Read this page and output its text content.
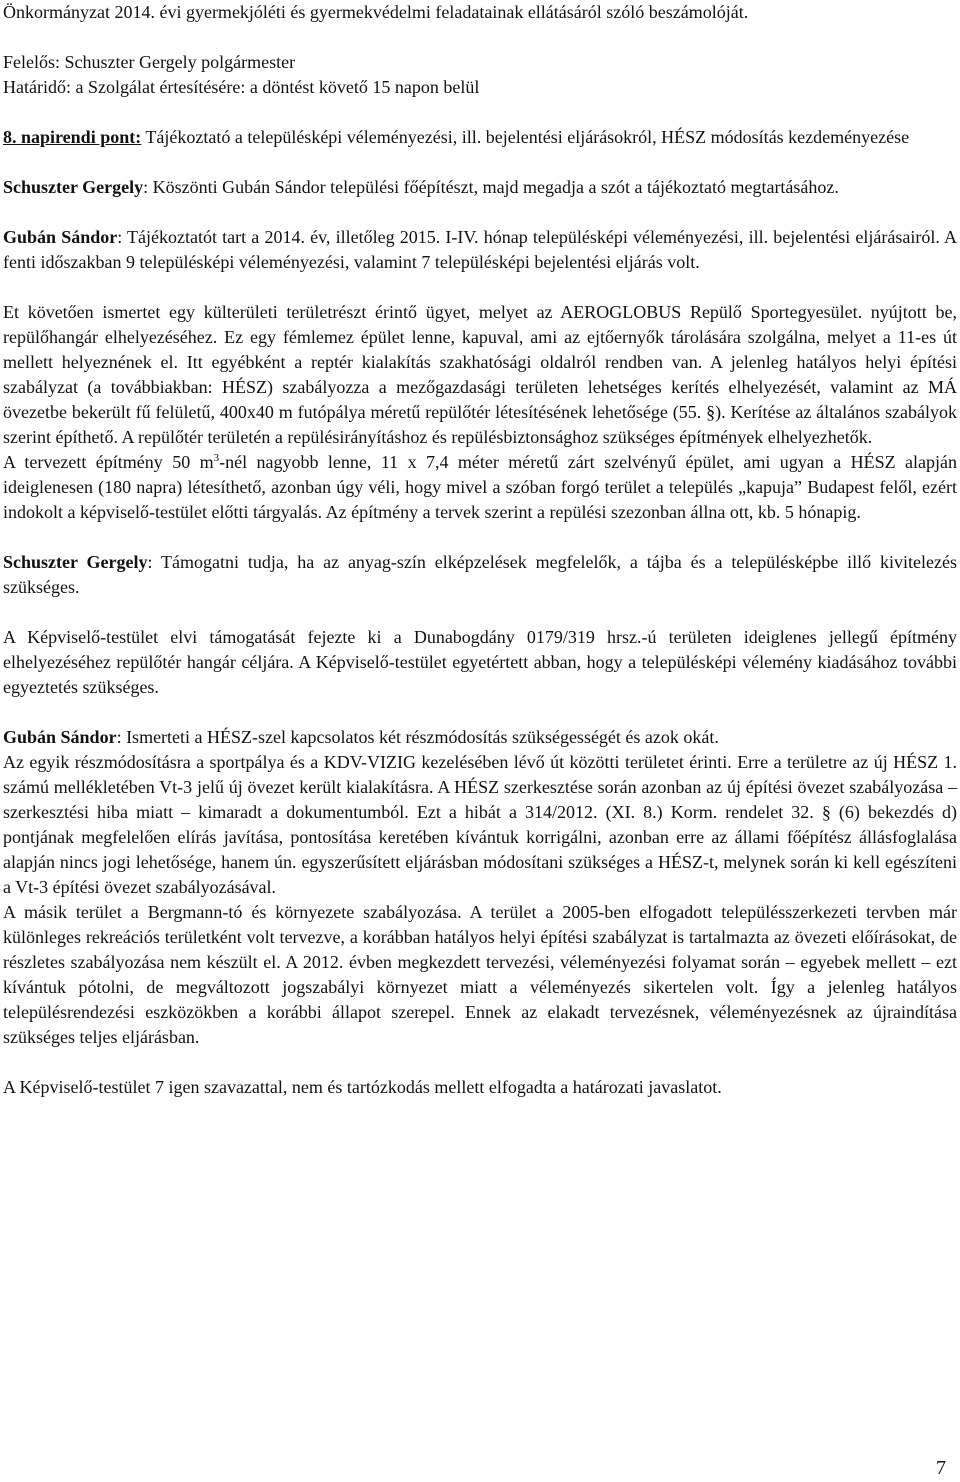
Önkormányzat 2014. évi gyermekjóléti és gyermekvédelmi feladatainak ellátásáról szóló beszámolóját.

Felelős: Schuszter Gergely polgármester

Határidő: a Szolgálat értesítésére: a döntést követő 15 napon belül

8. napirendi pont: Tájékoztató a településképi véleményezési, ill. bejelentési eljárásokról, HÉSZ módosítás kezdeményezése

Schuszter Gergely: Köszönti Gubán Sándor települési főépítészt, majd megadja a szót a tájékoztató megtartásához.

Gubán Sándor: Tájékoztatót tart a 2014. év, illetőleg 2015. I-IV. hónap településképi véleményezési, ill. bejelentési eljárásairól. A fenti időszakban 9 településképi véleményezési, valamint 7 településképi bejelentési eljárás volt.

Et követően ismertet egy külterületi területrészt érintő ügyet, melyet az AEROGLOBUS Repülő Sportegyesület. nyújtott be, repülőhangár elhelyezéséhez. Ez egy fémlemez épület lenne, kapuval, ami az ejtőernyők tárolására szolgálna, melyet a 11-es út mellett helyeznének el. Itt egyébként a reptér kialakítás szakhatósági oldalról rendben van. A jelenleg hatályos helyi építési szabályzat (a továbbiakban: HÉSZ) szabályozza a mezőgazdasági területen lehetséges kerítés elhelyezését, valamint az MÁ övezetbe bekerült fű felületű, 400x40 m futópálya méretű repülőtér létesítésének lehetősége (55. §). Kerítése az általános szabályok szerint építhető. A repülőtér területén a repülésirányításhoz és repülésbiztonsághoz szükséges építmények elhelyezhetők.

A tervezett építmény 50 $m^3$-nél nagyobb lenne, 11 x 7,4 méter méretű zárt szelvényű épület, ami ugyan a HÉSZ alapján ideiglenesen (180 napra) létesíthető, azonban úgy véli, hogy mivel a szóban forgó terület a település „kapuja” Budapest felől, ezért indokolt a képviselő-testület előtti tárgyalás. Az építmény a tervek szerint a repülési szezonban állna ott, kb. 5 hónapig.

Schuszter Gergely: Támogatni tudja, ha az anyag-szín elképzelések megfelelők, a tájba és a településképbe illő kivitelezés szükséges.

A Képviselő-testület elvi támogatását fejezte ki a Dunabogdány 0179/319 hrsz.-ú területen ideiglenes jellegű építmény elhelyezéséhez repülőtér hangár céljára. A Képviselő-testület egyetértett abban, hogy a településképi vélemény kiadásához további egyeztetés szükséges.

Gubán Sándor: Ismerteti a HÉSZ-szel kapcsolatos két részmódosítás szükségességét és azok okát.

Az egyik részmódosításra a sportpálya és a KDV-VIZIG kezelésében lévő út közötti területet érinti. Erre a területre az új HÉSZ 1. számú mellékletében Vt-3 jelű új övezet került kialakításra. A HÉSZ szerkesztése során azonban az új építési övezet szabályozása – szerkesztési hiba miatt – kimaradt a dokumentumból. Ezt a hibát a 314/2012. (XI. 8.) Korm. rendelet 32. § (6) bekezdés d) pontjának megfelelően elírás javítása, pontosítása keretében kívántuk korrigálni, azonban erre az állami főépítész állásfoglalása alapján nincs jogi lehetősége, hanem ún. egyszerűsített eljárásban módosítani szükséges a HÉSZ-t, melynek során ki kell egészíteni a Vt-3 építési övezet szabályozásával.

A másik terület a Bergmann-tó és környezete szabályozása. A terület a 2005-ben elfogadott településszerkezeti tervben már különleges rekreációs területként volt tervezve, a korábban hatályos helyi építési szabályzat is tartalmazta az övezeti előírásokat, de részletes szabályozása nem készült el. A 2012. évben megkezdett tervezési, véleményezési folyamat során – egyebek mellett – ezt kívántuk pótolni, de megváltozott jogszabályi környezet miatt a véleményezés sikertelen volt. Így a jelenleg hatályos településrendezési eszközökben a korábbi állapot szerepel. Ennek az elakadt tervezésnek, véleményezésnek az újraindítása szükséges teljes eljárásban.

A Képviselő-testület 7 igen szavazattal, nem és tartózkodás mellett elfogadta a határozati javaslatot.

7
